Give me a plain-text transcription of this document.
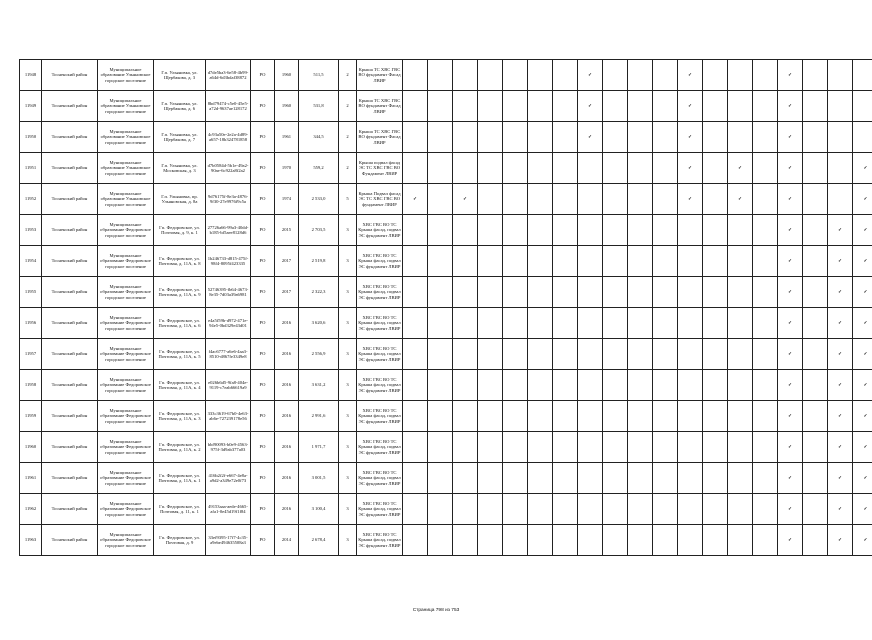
11948	Тосненский район	Муниципальное образование Ульяновское городское поселение	Г.п. Ульяновка, ул. Щербакова, д. 3	d7de5ba3-6e58-4b99-a64d-6d3bdaf38872	РО	1960	511,5	2	Крыша ТС ХВС ГВС ВО фундамент Фасад ЛВИР								✓				✓				✓			
11949	Тосненский район	Муниципальное образование Ульяновское городское поселение	Г.п. Ульяновка, ул. Щербакова, д. 6	8bd79474-c5e0-45e5-a72d-9637ae128172	РО	1960	531,8	2	Крыша ТС ХВС ГВС ВО фундамент Фасад ЛВИР								✓				✓				✓			
11950	Тосненский район	Муниципальное образование Ульяновское городское поселение	Г.п. Ульяновка, ул. Щербакова, д. 7	4c93a50e-2e2a-4d89-a657-18b324781858	РО	1961	344,5	2	Крыша ТС ХВС ГВС ВО фундамент Фасад ЛВИР								✓				✓				✓			
11951	Тосненский район	Муниципальное образование Ульяновское городское поселение	Г.п. Ульяновка, ул. Московская, д. 3	d7b0584d-5b1e-49a2-90ae-6c922a8f2a2	РО	1970	559,2	2	Крыша подвал фасад ЭС ТС ХВС ГВС ВО Фундамент ЛВИР												✓		✓		✓			✓
11952	Тосненский район	Муниципальное образование Ульяновское городское поселение	Г.п. Ульяновка, пр. Ульяновская, д. 8а	9d76175f-8e3a-4876-9f30-27e9976f9c5a	РО	1974	2 533,0	5	Крыша Подвал фасад ЭС ТС ХВС ГВС ВО фундамент ЛВИР	✓		✓									✓		✓		✓			✓
11953	Тосненский район	Муниципальное образование Федоровское городское поселение	Гп. Федоровское, ул. Почтовая, д. 9, к. 1	27726a66-99a3-40dd-b185-bf5aee8128d6	РО	2015	2 703,5	3	ХВС ГВС ВО ТС Крыша фасад, подвал ЭС фундамент ЛВИР																✓		✓	✓
11954	Тосненский район	Муниципальное образование Федоровское городское поселение	Гп. Федоровское, ул. Почтовая, д. 11А, к. 8	1b246733-d815-475f-98f4-8095f423335	РО	2017	2 519,8	3	ХВС ГВС ВО ТС Крыша фасад, подвал ЭС фундамент ЛВИР																✓		✓	✓
11955	Тосненский район	Муниципальное образование Федоровское городское поселение	Гп. Федоровское, ул. Почтовая, д. 11А, к. 9	52746395-fb64-4673-8e35-7d03a39a6981	РО	2017	2 322,3	3	ХВС ГВС ВО ТС Крыша фасад, подвал ЭС фундамент ЛВИР																✓		✓	✓
11956	Тосненский район	Муниципальное образование Федоровское городское поселение	Гп. Федоровское, ул. Почтовая, д. 11А, к. 6	e4a5f59b-d972-471e-94e5-0bd329e43d01	РО	2016	3 620,6	3	ХВС ГВС ВО ТС Крыша фасад, подвал ЭС фундамент ЛВИР																✓		✓	✓
11957	Тосненский район	Муниципальное образование Федоровское городское поселение	Гп. Федоровское, ул. Почтовая, д. 11А, к. 5	f4ac6777-a6e6-4aa3-8510-d867fe3349e8	РО	2016	2 556,9	3	ХВС ГВС ВО ТС Крыша фасад, подвал ЭС фундамент ЛВИР																✓		✓	✓
11958	Тосненский район	Муниципальное образование Федоровское городское поселение	Гп. Федоровское, ул. Почтовая, д. 11А, к. 4	e026b6d5-9fa8-404e-9119-c7eab66619a9	РО	2016	3 631,2	3	ХВС ГВС ВО ТС Крыша фасад, подвал ЭС фундамент ЛВИР																✓		✓	✓
11959	Тосненский район	Муниципальное образование Федоровское городское поселение	Гп. Федоровское, ул. Почтовая, д. 11А, к. 3	333c3619-67b0-4e63-ab6e-727239178e56	РО	2016	2 991,6	3	ХВС ГВС ВО ТС Крыша фасад, подвал ЭС фундамент ЛВИР																✓		✓	✓
11960	Тосненский район	Муниципальное образование Федоровское городское поселение	Гп. Федоровское, ул. Почтовая, д. 11А, к. 2	bbf90093-b0e9-4563-975f-3d9ab377a03	РО	2016	1 971,7	3	ХВС ГВС ВО ТС Крыша фасад, подвал ЭС фундамент ЛВИР																✓		✓	✓
11961	Тосненский район	Муниципальное образование Федоровское городское поселение	Гп. Федоровское, ул. Почтовая, д. 11А, к. 1	416b2f2f-e667-4e8a-a9d2-a349e72e0f73	РО	2016	3 001,5	3	ХВС ГВС ВО ТС Крыша фасад, подвал ЭС фундамент ЛВИР																✓		✓	✓
11962	Тосненский район	Муниципальное образование Федоровское городское поселение	Гп. Федоровское, ул. Почтовая, д. 11, к. 1	49153aaa-aede-4665-afa1-0e45d19f1f84	РО	2016	3 100,4	3	ХВС ГВС ВО ТС Крыша фасад, подвал ЭС фундамент ЛВИР																✓		✓	✓
11963	Тосненский район	Муниципальное образование Федоровское городское поселение	Гп. Федоровское, ул. Почтовая, д. 9	33ef9395-17f7-4c35-a9ebe494635508a3	РО	2014	2 678,4	3	ХВС ГВС ВО ТС Крыша фасад, подвал ЭС фундамент ЛВИР																✓		✓	✓
Страница 798 из 753
